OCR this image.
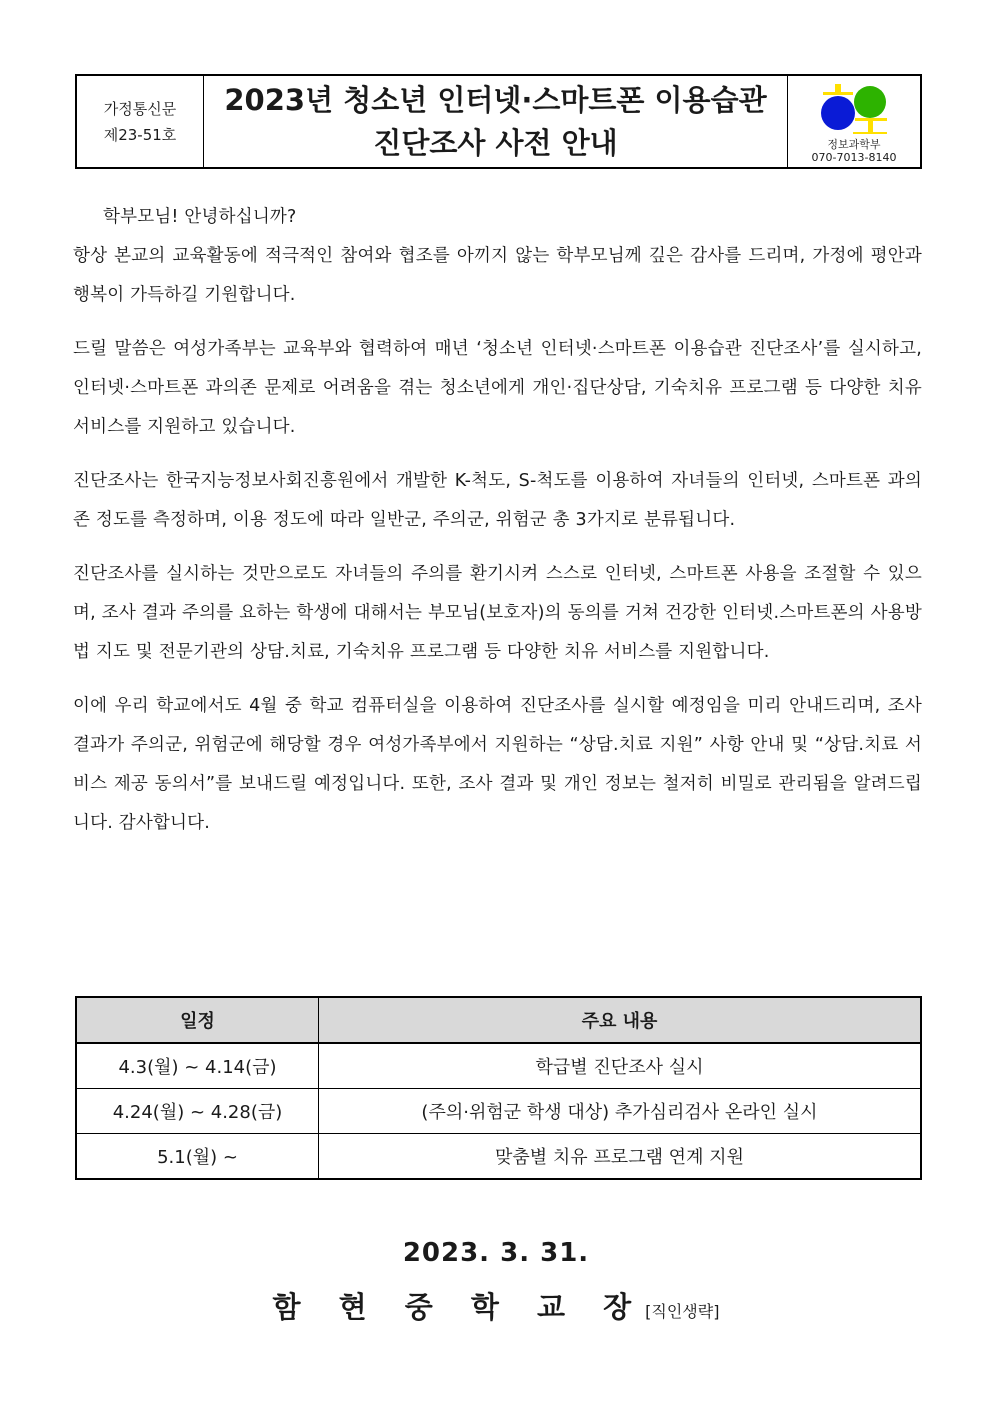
가정통신문
제23-51호
2023년 청소년 인터넷·스마트폰 이용습관
진단조사 사전 안내	정보과학부
070-7013-8140

학부모님! 안녕하십니까?

항상 본교의 교육활동에 적극적인 참여와 협조를 아끼지 않는 학부모님께 깊은 감사를 드리며, 가정에 평안과 행복이 가득하길 기원합니다.

드릴 말씀은 여성가족부는 교육부와 협력하여 매년 ‘청소년 인터넷·스마트폰 이용습관 진단조사’를 실시하고, 인터넷·스마트폰 과의존 문제로 어려움을 겪는 청소년에게 개인·집단상담, 기숙치유 프로그램 등 다양한 치유 서비스를 지원하고 있습니다.

진단조사는 한국지능정보사회진흥원에서 개발한 K-척도, S-척도를 이용하여 자녀들의 인터넷, 스마트폰 과의존 정도를 측정하며, 이용 정도에 따라 일반군, 주의군, 위험군 총 3가지로 분류됩니다.

진단조사를 실시하는 것만으로도 자녀들의 주의를 환기시켜 스스로 인터넷, 스마트폰 사용을 조절할 수 있으며, 조사 결과 주의를 요하는 학생에 대해서는 부모님(보호자)의 동의를 거쳐 건강한 인터넷.스마트폰의 사용방법 지도 및 전문기관의 상담.치료, 기숙치유 프로그램 등 다양한 치유 서비스를 지원합니다.

이에 우리 학교에서도 4월 중 학교 컴퓨터실을 이용하여 진단조사를 실시할 예정임을 미리 안내드리며, 조사 결과가 주의군, 위험군에 해당할 경우 여성가족부에서 지원하는 “상담.치료 지원” 사항 안내 및 “상담.치료 서비스 제공 동의서”를 보내드릴 예정입니다. 또한, 조사 결과 및 개인 정보는 철저히 비밀로 관리됨을 알려드립니다. 감사합니다.

일정	주요 내용
4.3(월) ~ 4.14(금)	학급별 진단조사 실시
4.24(월) ~ 4.28(금)	(주의·위험군 학생 대상) 추가심리검사 온라인 실시
5.1(월) ~	맞춤별 치유 프로그램 연계 지원
2023. 3. 31.
함 현 중 학 교 장[직인생략]
